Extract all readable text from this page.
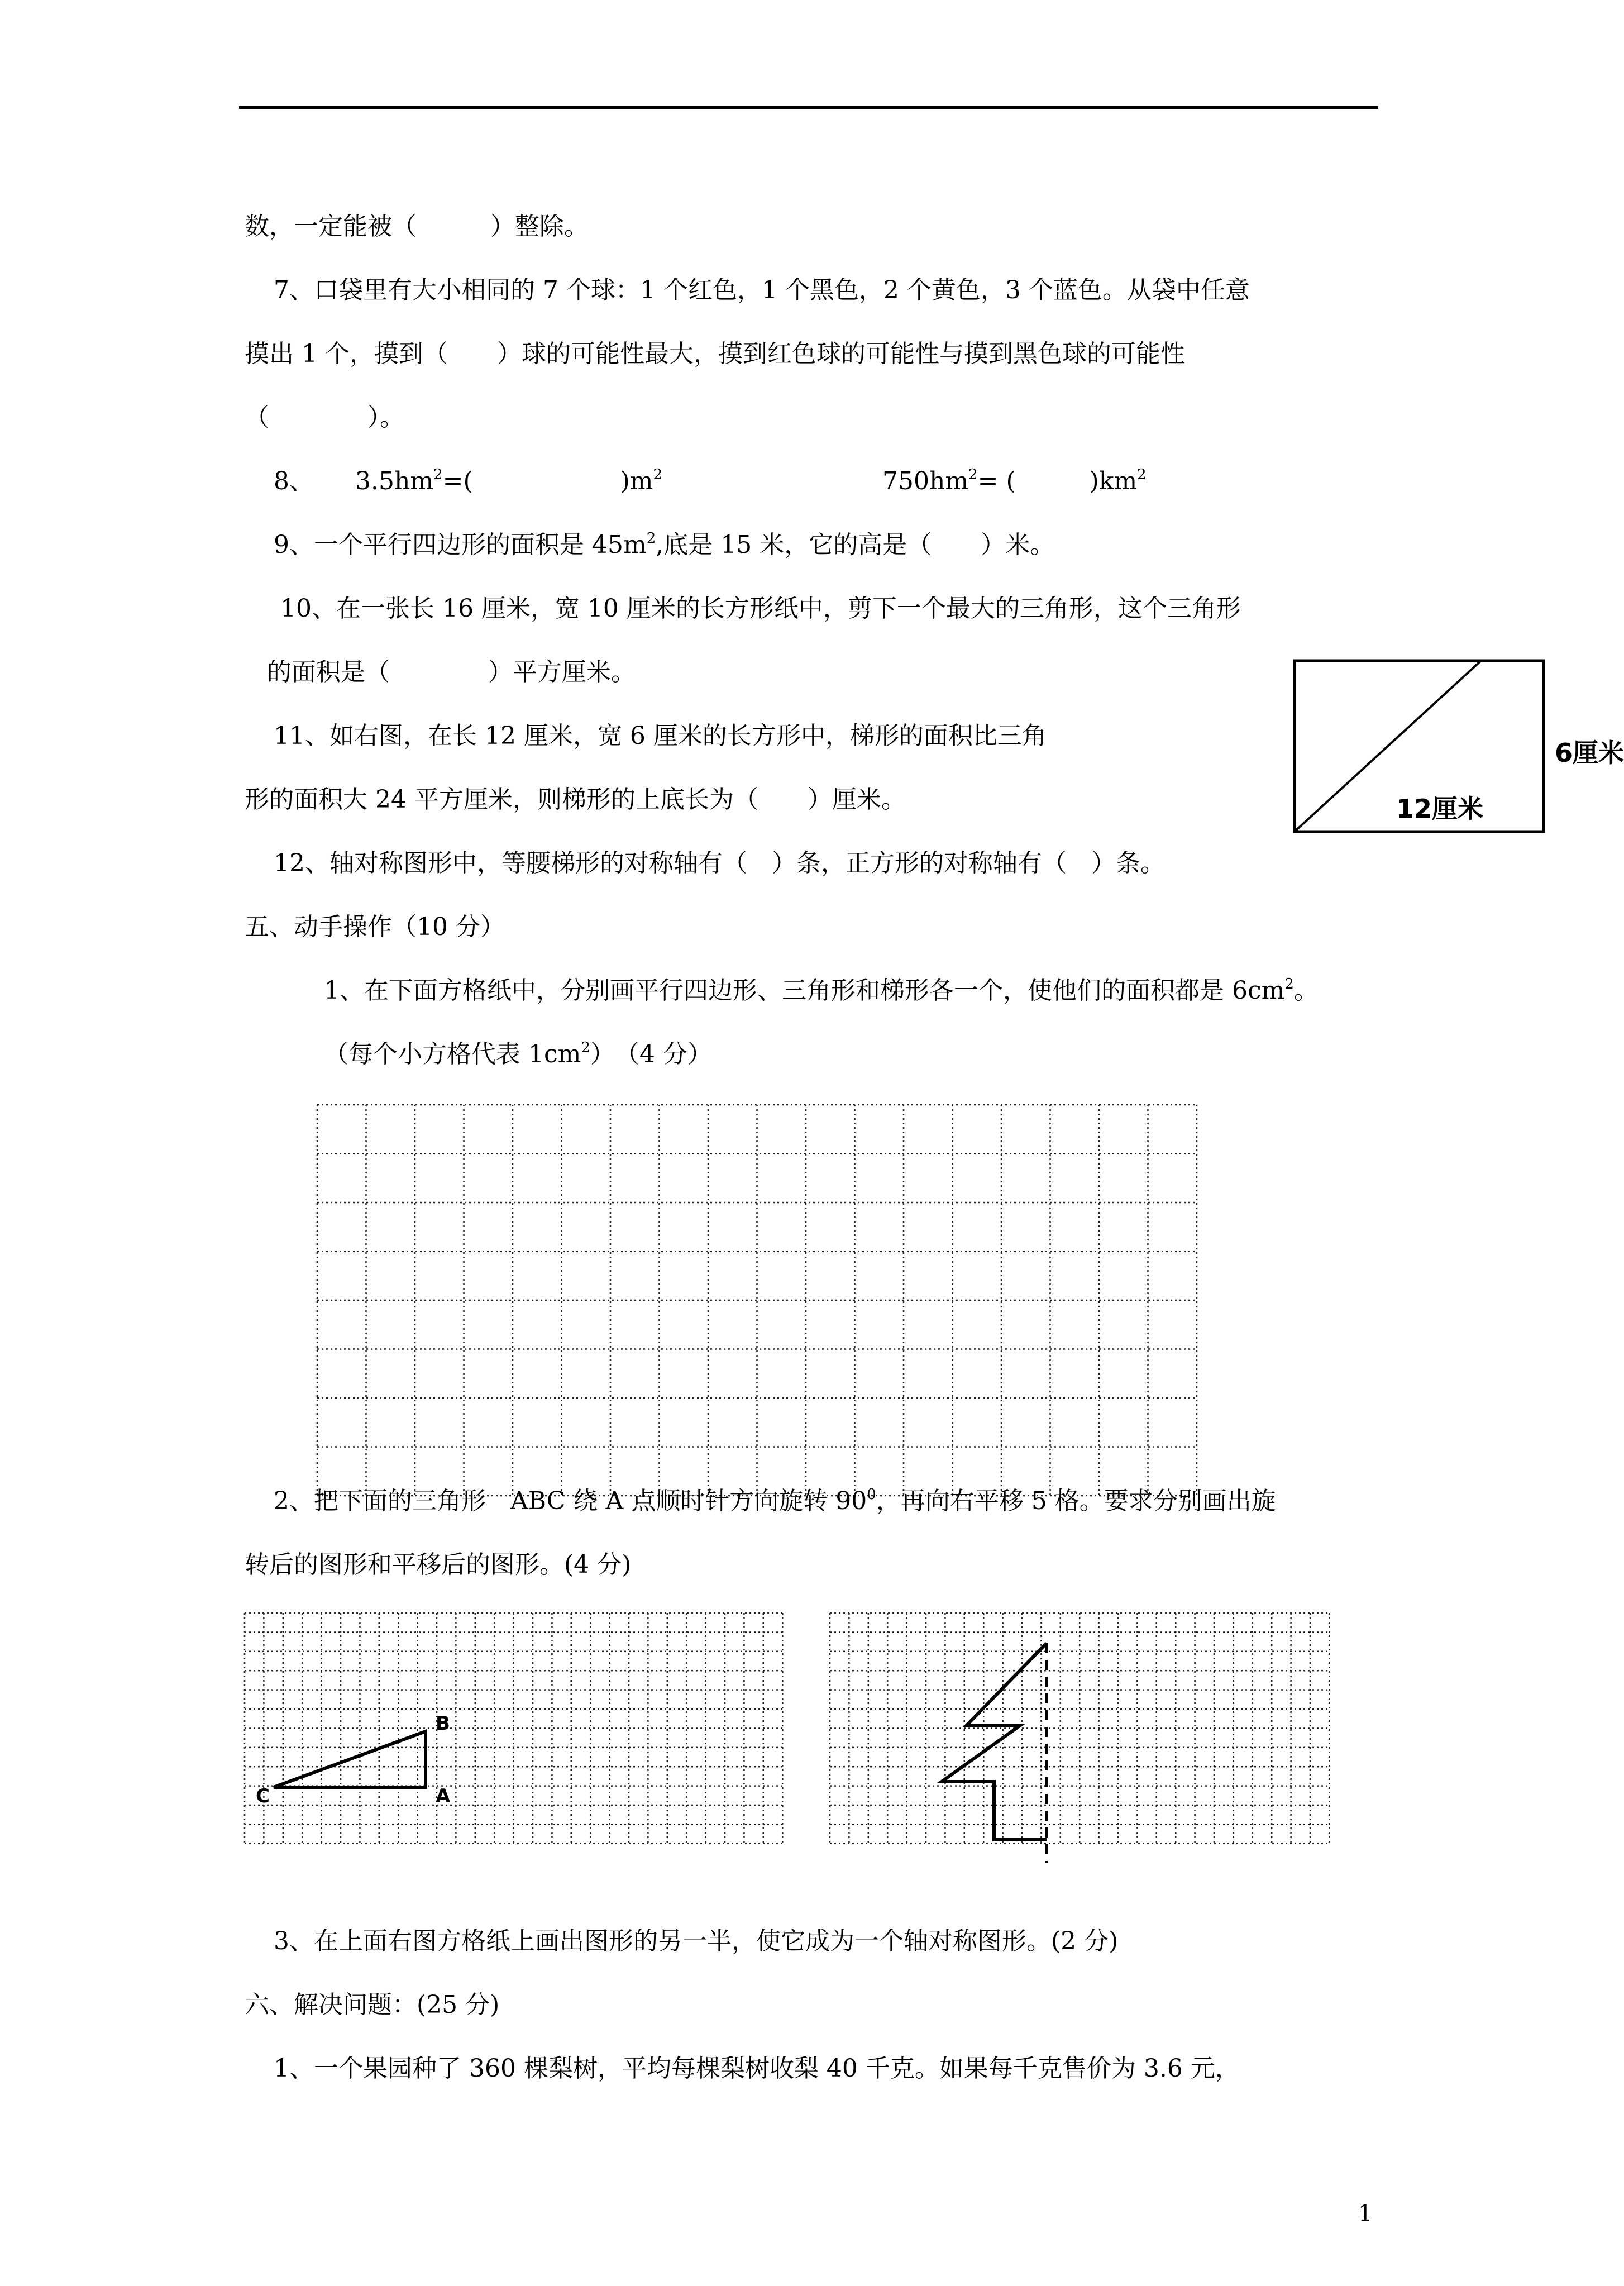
数，一定能被（　　　）整除。
7、口袋里有大小相同的 7 个球：1 个红色，1 个黑色，2 个黄色，3 个蓝色。从袋中任意
摸出 1 个，摸到（　　）球的可能性最大，摸到红色球的可能性与摸到黑色球的可能性
（　　　　）。
8、 $3.5hm^2=$(　　　　　　)$m^2$	$750hm^2=$ (　　　)$km^2$
9、一个平行四边形的面积是 $45m^2$,底是 15 米，它的高是（　　）米。
10、在一张长 16 厘米，宽 10 厘米的长方形纸中，剪下一个最大的三角形，这个三角形
的面积是（　　　　）平方厘米。
11、如右图，在长 12 厘米，宽 6 厘米的长方形中，梯形的面积比三角
形的面积大 24 平方厘米，则梯形的上底长为（　　）厘米。	12厘米
6厘米
12、轴对称图形中，等腰梯形的对称轴有（　）条，正方形的对称轴有（　）条。
五、动手操作（10 分）
1、在下面方格纸中，分别画平行四边形、三角形和梯形各一个，使他们的面积都是 $6cm^2$。
（每个小方格代表 $1cm^2$）　（4 分）
2、把下面的三角形　ABC 绕 A 点顺时针方向旋转 $90^0$，再向右平移 5 格。要求分别画出旋
转后的图形和平移后的图形。(4 分)
B
A
C
3、在上面右图方格纸上画出图形的另一半，使它成为一个轴对称图形。(2 分)
六、解决问题：(25 分)
1、一个果园种了 360 棵梨树，平均每棵梨树收梨 40 千克。如果每千克售价为 3.6 元，
1
